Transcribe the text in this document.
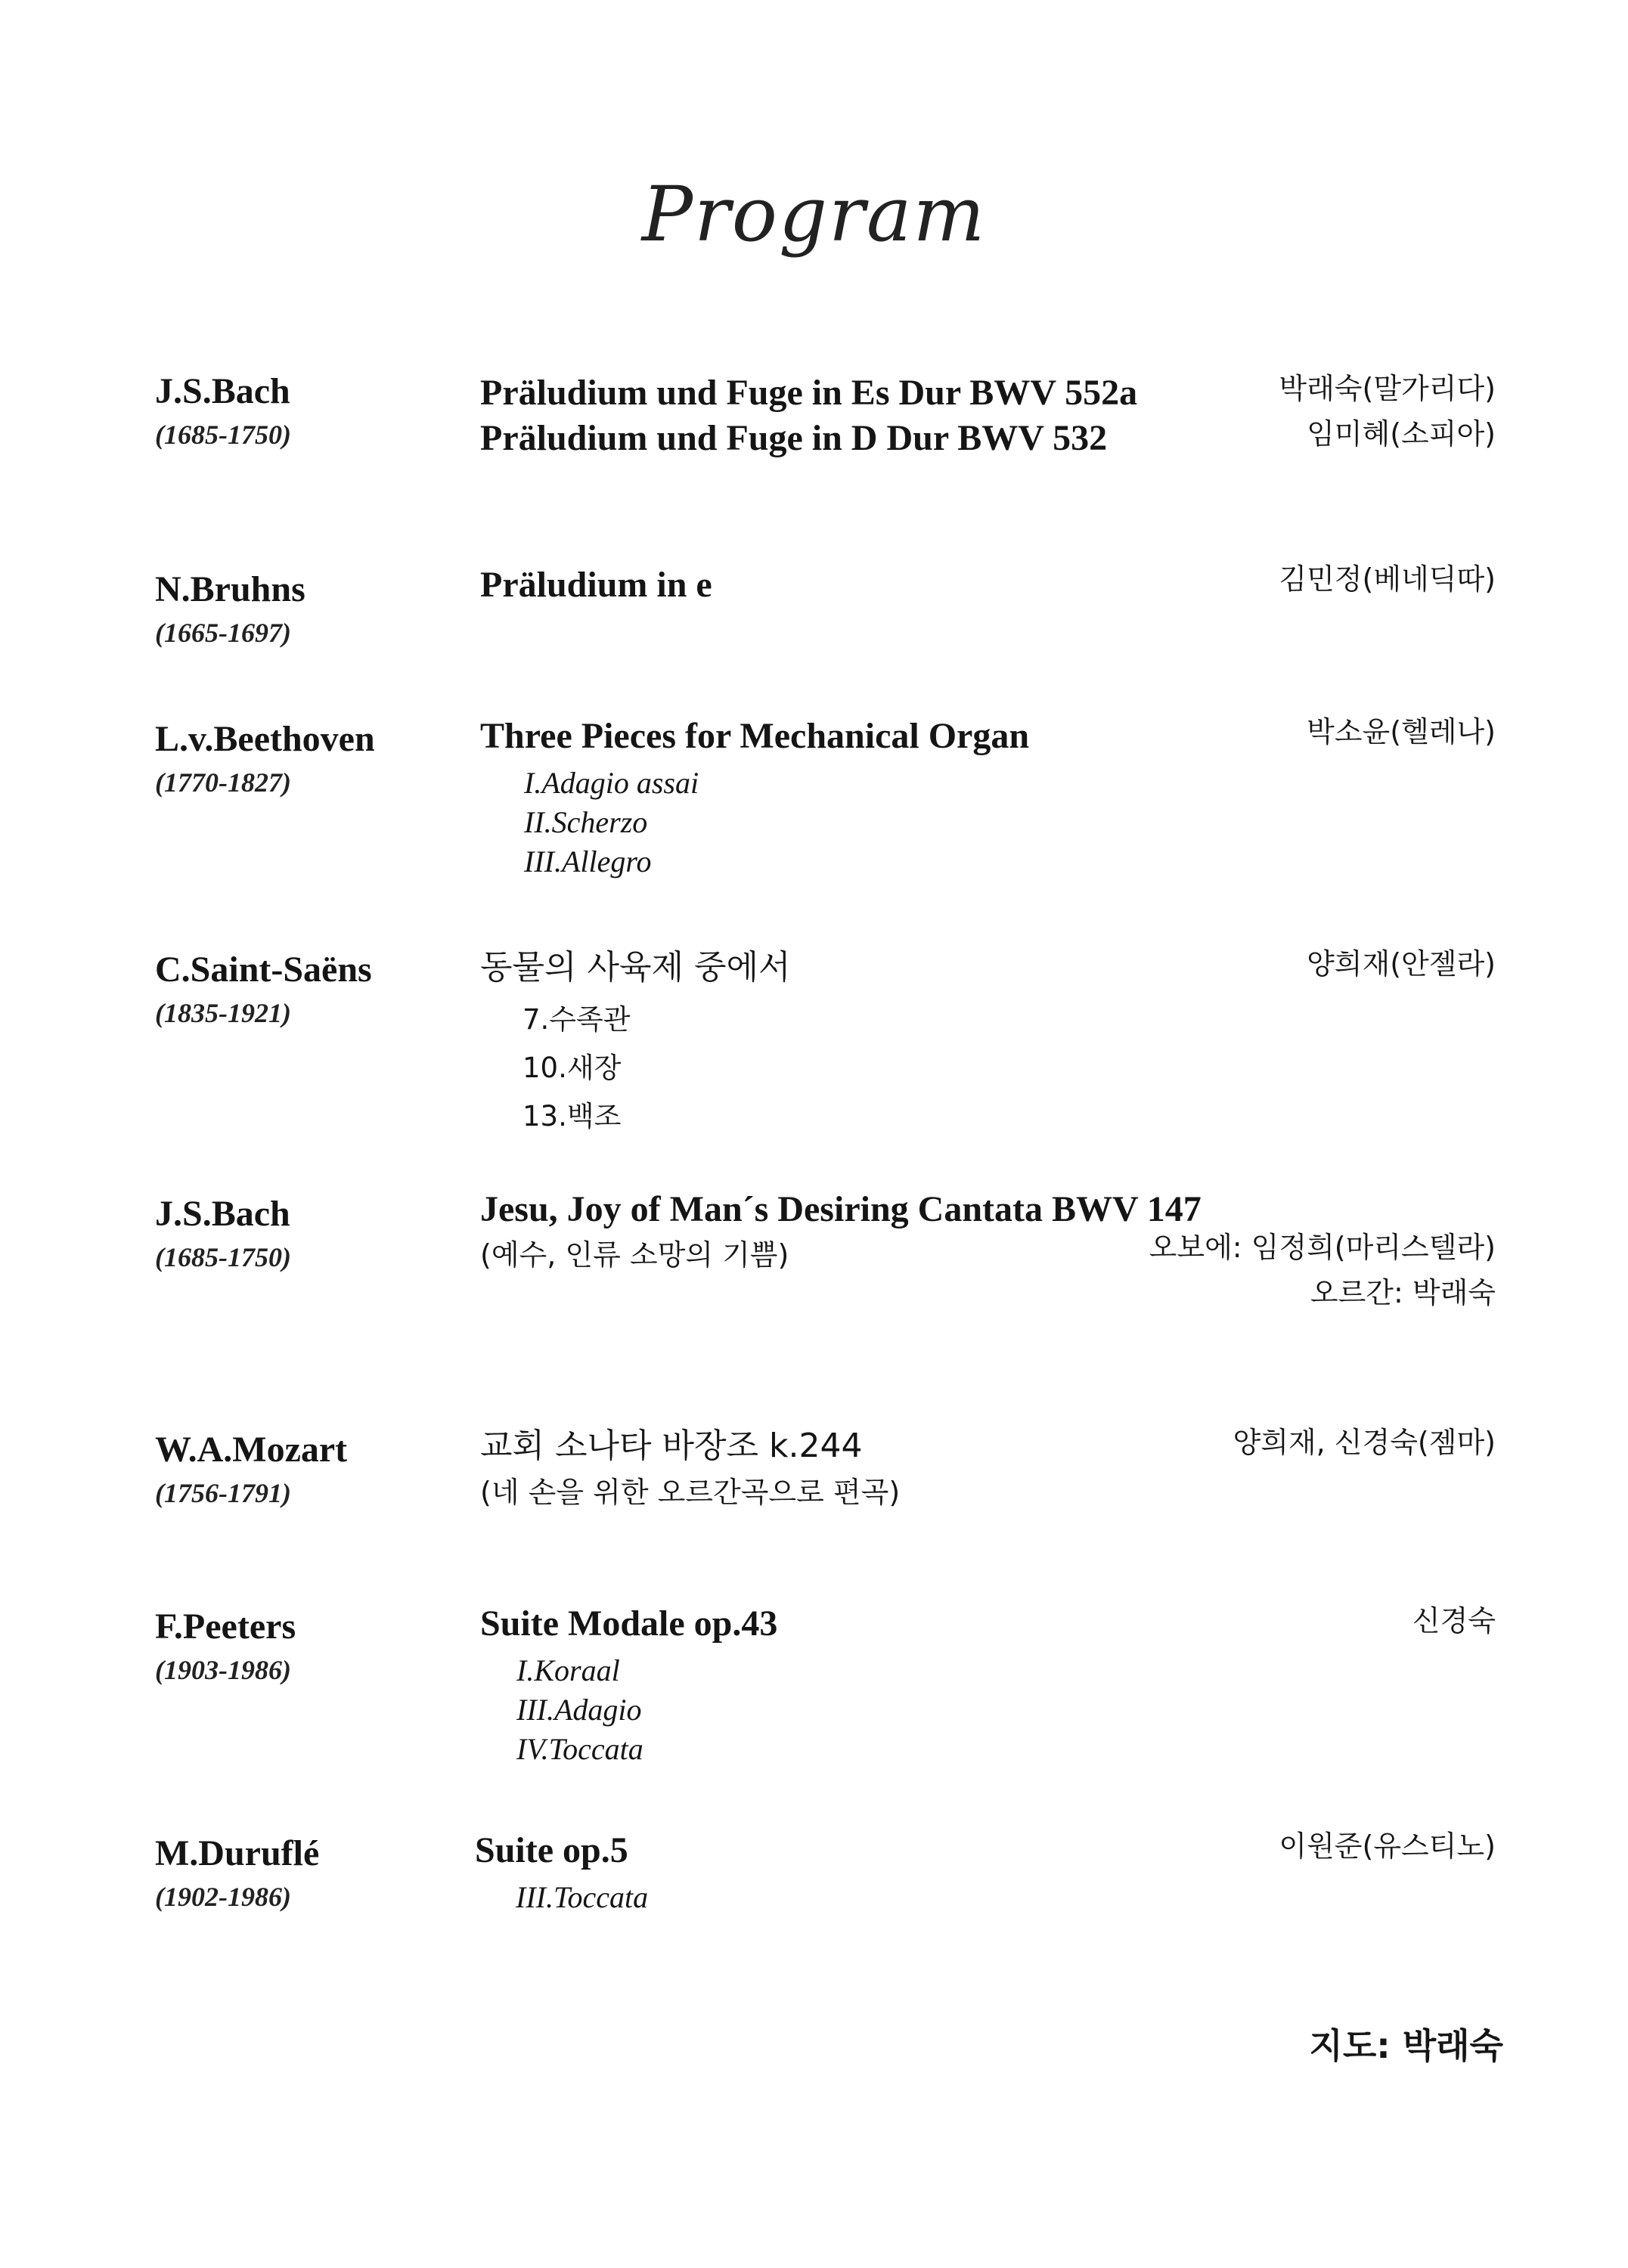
Program
J.S.Bach
(1685-1750)
Präludium und Fuge in Es Dur BWV 552a
Präludium und Fuge in D Dur BWV 532
박래숙(말가리다)
임미혜(소피아)
N.Bruhns
(1665-1697)
Präludium in e	김민정(베네딕따)
L.v.Beethoven
(1770-1827)
Three Pieces for Mechanical Organ
I.Adagio assai
II.Scherzo
III.Allegro
박소윤(헬레나)
C.Saint-Saëns
(1835-1921)
동물의 사육제 중에서
7.수족관
10.새장
13.백조
양희재(안젤라)
J.S.Bach
(1685-1750)
Jesu, Joy of Man´s Desiring Cantata BWV 147
(예수, 인류 소망의 기쁨)	오보에: 임정희(마리스텔라)
오르간: 박래숙
W.A.Mozart
(1756-1791)
교회 소나타 바장조 k.244
(네 손을 위한 오르간곡으로 편곡)
양희재, 신경숙(젬마)
F.Peeters
(1903-1986)
Suite Modale op.43
I.Koraal
III.Adagio
IV.Toccata
신경숙
M.Duruflé
(1902-1986)
Suite op.5
III.Toccata
이원준(유스티노)
지도: 박래숙
